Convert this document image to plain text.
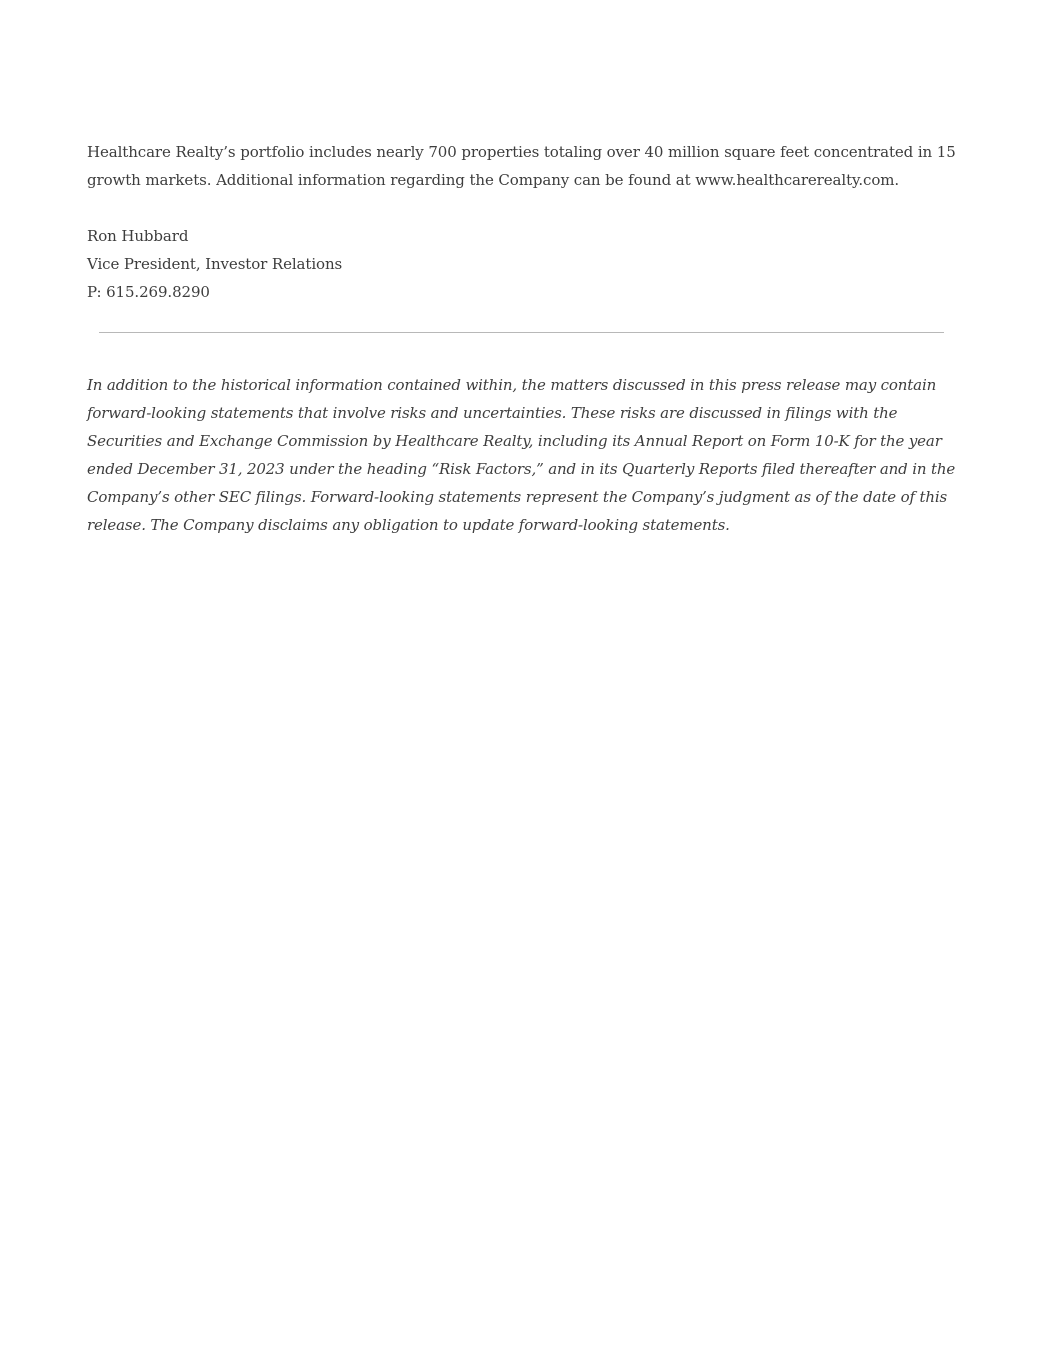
Healthcare Realty’s portfolio includes nearly 700 properties totaling over 40 million square feet concentrated in 15 growth markets. Additional information regarding the Company can be found at www.healthcarerealty.com.

Ron Hubbard
Vice President, Investor Relations
P: 615.269.8290

In addition to the historical information contained within, the matters discussed in this press release may contain forward-looking statements that involve risks and uncertainties. These risks are discussed in filings with the Securities and Exchange Commission by Healthcare Realty, including its Annual Report on Form 10-K for the year ended December 31, 2023 under the heading “Risk Factors,” and in its Quarterly Reports filed thereafter and in the Company’s other SEC filings. Forward-looking statements represent the Company’s judgment as of the date of this release. The Company disclaims any obligation to update forward-looking statements.
